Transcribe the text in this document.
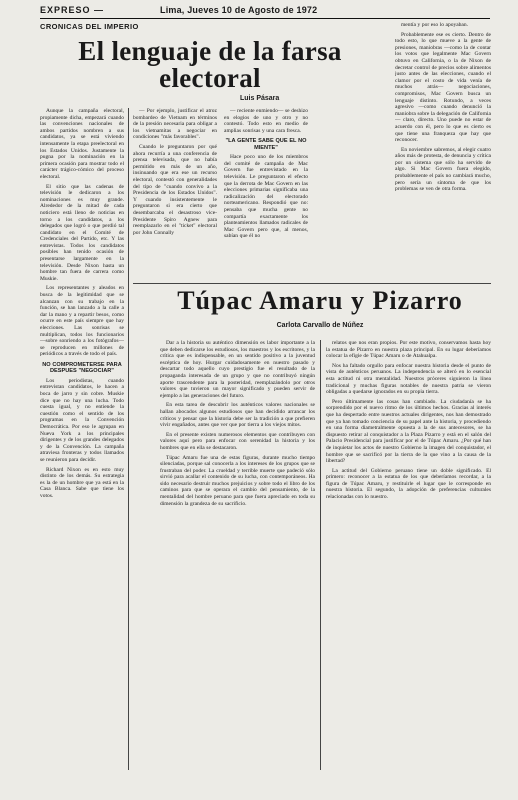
EXPRESO —	Lima, Jueves 10 de Agosto de 1972
CRONICAS DEL IMPERIO
El lenguaje de la farsa electoral
Luis Pásara

Aunque la campaña electoral, propiamente dicha, empezará cuando las convenciones nacionales de ambos partidos nombren a sus candidatos, ya se está viviendo intensamente la etapa preelectoral en los Estados Unidos. Justamente la pugna por la nominación en la primera ocasión para mostrar todo el carácter trágico-cómico del proceso electoral.

El sitio que las cadenas de televisión le dedicaron a los nominaciones es muy grande. Alrededor de la mitad de cada noticiero está lleno de noticias en torno a los candidatos, a los delegados que logró o que perdió tal candidato en el Comité de Credenciales del Partido, etc. Y las entrevistas. Todos los candidatos posibles han tenido ocasión de presentarse largamente en la televisión. Desde Nixon hasta un hombre tan fuera de carrera como Muskie.

Los representantes y aleados en busca de la legitimidad que se alcanzan con su trabajo en la función, se han lanzado a la calle a dar la mano y a repartir besos, como ocurre en este país siempre que hay elecciones. Las sonrisas se multiplican, todos los funcionarios —sobre sonriendo a los fotógrafos— se reproducen en millones de periódicos a través de todo el país.

NO COMPROMETERSE PARA DESPUES "NEGOCIAR"

Los periodistas, cuando entrevistan candidatos, le hacen a boca de jarro y sin cobre. Muskie dice que no hay una lucha. Todo cuesta igual, y no entiende la cuestión como el sentido de los programas en la Convención Democrática. Por eso le agrupan en Nueva York a los principales dirigentes y de los grandes delegados y de la Convención. La campaña atraviesa fronteras y todos llamados se reunieron para decidir.

Richard Nixon es en esto muy distinto de los demás. Su estrategia es la de un hombre que ya está en la Casa Blanca. Sabe que tiene los votos.

— Por ejemplo, justificar el atroz bombardeo de Vietnam en términos de la presión necesaria para obligar a los vietnamitas a negociar en condiciones "más favorables".

Cuando le preguntaron por qué ahora recurría a una conferencia de prensa televisada, que no había permitido en más de un año, insinuando que era ese un recurso electoral, contestó con generalidades del tipo de "cuando convivo a la Presidencia de los Estados Unidos". Y cuando insistentemente le preguntaron si era cierto que desembarcaba el desastroso vice-Presidente Spiro Agnew para reemplazarlo en el "ticket" electoral por John Connally

— reciente enmiendo— se deshizo en elogios de uno y otro y no contestó. Todo esto en medio de amplias sonrisas y una cara fresca.

"LA GENTE SABE QUE EL NO MIENTE"

Hace poco uno de los miembros del comité de campaña de Mac Govern fue entrevistado en la televisión. Le preguntaron el efecto que la derrota de Mac Govern en las elecciones primarias significaba una radicalización del electorado norteamericano. Respondió que no: pensaba que mucha gente no compartía exactamente los planteamientos llamados radicales de Mac Govern pero que, al menos, sabían que él no

mentía y por eso lo apoyaban.

Probablemente ese es cierto. Dentro de todo esto, lo que mueve a la gente de presiones, maniobras —como la de contar los votos que legalmente Mac Govern obtuvo en California, o la de Nixon de decretar control de precios sobre alimentos justo antes de las elecciones, cuando el clamor por el costo de vida venía de muchos atrás— negociaciones, compromisos, Mac Govern busca un lenguaje distinto. Rotundo, a veces agresivo —como cuando denunció la maniobra sobre la delegación de California— claro, directo. Uno puede no estar de acuerdo con él, pero lo que es cierto es que tiene una franqueza que hay que reconocer.

En noviembre sabremos, al elegir cuatro años más de protesta, de denuncia y crítica por un sistema que sólo ha servido de algo. Si Mac Govern fuera elegido, probablemente el país no cambiará mucho, pero sería un síntoma de que los problemas se ven de otra forma.

Túpac Amaru y Pizarro
Carlota Carvallo de Núñez

Dar a la historia su auténtico dimensión es labor importante a la que deben dedicarse los estudiosos, los maestros y los escritores, y la crítica que es indispensable, en un sentido positivo a la juventud escéptica de hoy. Hurgar cuidadosamente en nuestro pasado y descartar todo aquello cuyo prestigio fue el resultado de la propaganda interesada de un grupo y que no contribuyó ningún aporte trascendente para la posteridad, reemplazándolo por otros valores que tuvieron un mayor significado y pueden servir de ejemplo a las generaciones del futuro.

En esta tarea de descubrir los auténticos valores nacionales se hallan abocados algunos estudiosos que han decidido arrancar los críticos y pensar que la historia debe ser la tradición a que prefieren vivir engañados, antes que ver que por tierra a los viejos mitos.

En el presente existen numerosos elementos que contribuyen con valores aquí pero para enfocar con serenidad la historia y los hombres que en ella se destacaron.

Túpac Amaru fue una de estas figuras, durante mucho tiempo silenciadas, porque sal conocerla a los intereses de los grupos que se frustraban del poder. La crueldad y terrible muerte que padeció sólo sirvió para acallar el contenido de su lucha, con contemporáneos. Ha sido necesario destruir muchos prejuicios y sobre todo el libro de los caminos para que se operara el cambio del pensamiento, de la mentalidad del hombre peruano para que fuera apreciado en toda su dimensión la grandeza de su sacrificio.

relatos que nos eran propios. Por este motivo, conservamos hasta hoy la estatua de Pizarro en nuestra plaza principal. En su lugar deberíamos colocar la efigie de Túpac Amaru o de Atahualpa.

Nos ha faltado orgullo para enfocar nuestra historia desde el punto de vista de auténticos peruanos. La independencia se alteró en lo esencial esta actitud ni otra mentalidad. Nuestros próceres siguieron la línea tradicional y muchas figuras notables de nuestra patria se vieron obligadas a quedarse ignorados en su propia tierra.

Pero últimamente las cosas han cambiado. La ciudadanía se ha sorprendido por el nuevo ritmo de los últimos hechos. Gracias al interés que ha despertado entre nuestros actuales dirigentes, nos han demostrado que ya han tomado conciencia de su papel ante la historia, y procediendo en una forma diametralmente opuesta a la de sus antecesores, se ha dispuesto retirar al conquistador a la Plaza Pizarro y está en el salón del Palacio Presidencial para justificar por el de Túpac Amaru. ¿Por qué han de inquietar los actos de nuestro Gobierno la imagen del conquistador, el hombre que se sacrificó por la tierra de la que vino a la causa de la libertad?

La actitud del Gobierno peruano tiene un doble significado. El primero: reconocer a la estatua de los que deberíamos recordar, a la figura de Túpac Amaru, y restituirle el lugar que le corresponde en nuestra historia. El segundo, la adopción de preferencias culturales relacionadas con lo nuestro.
